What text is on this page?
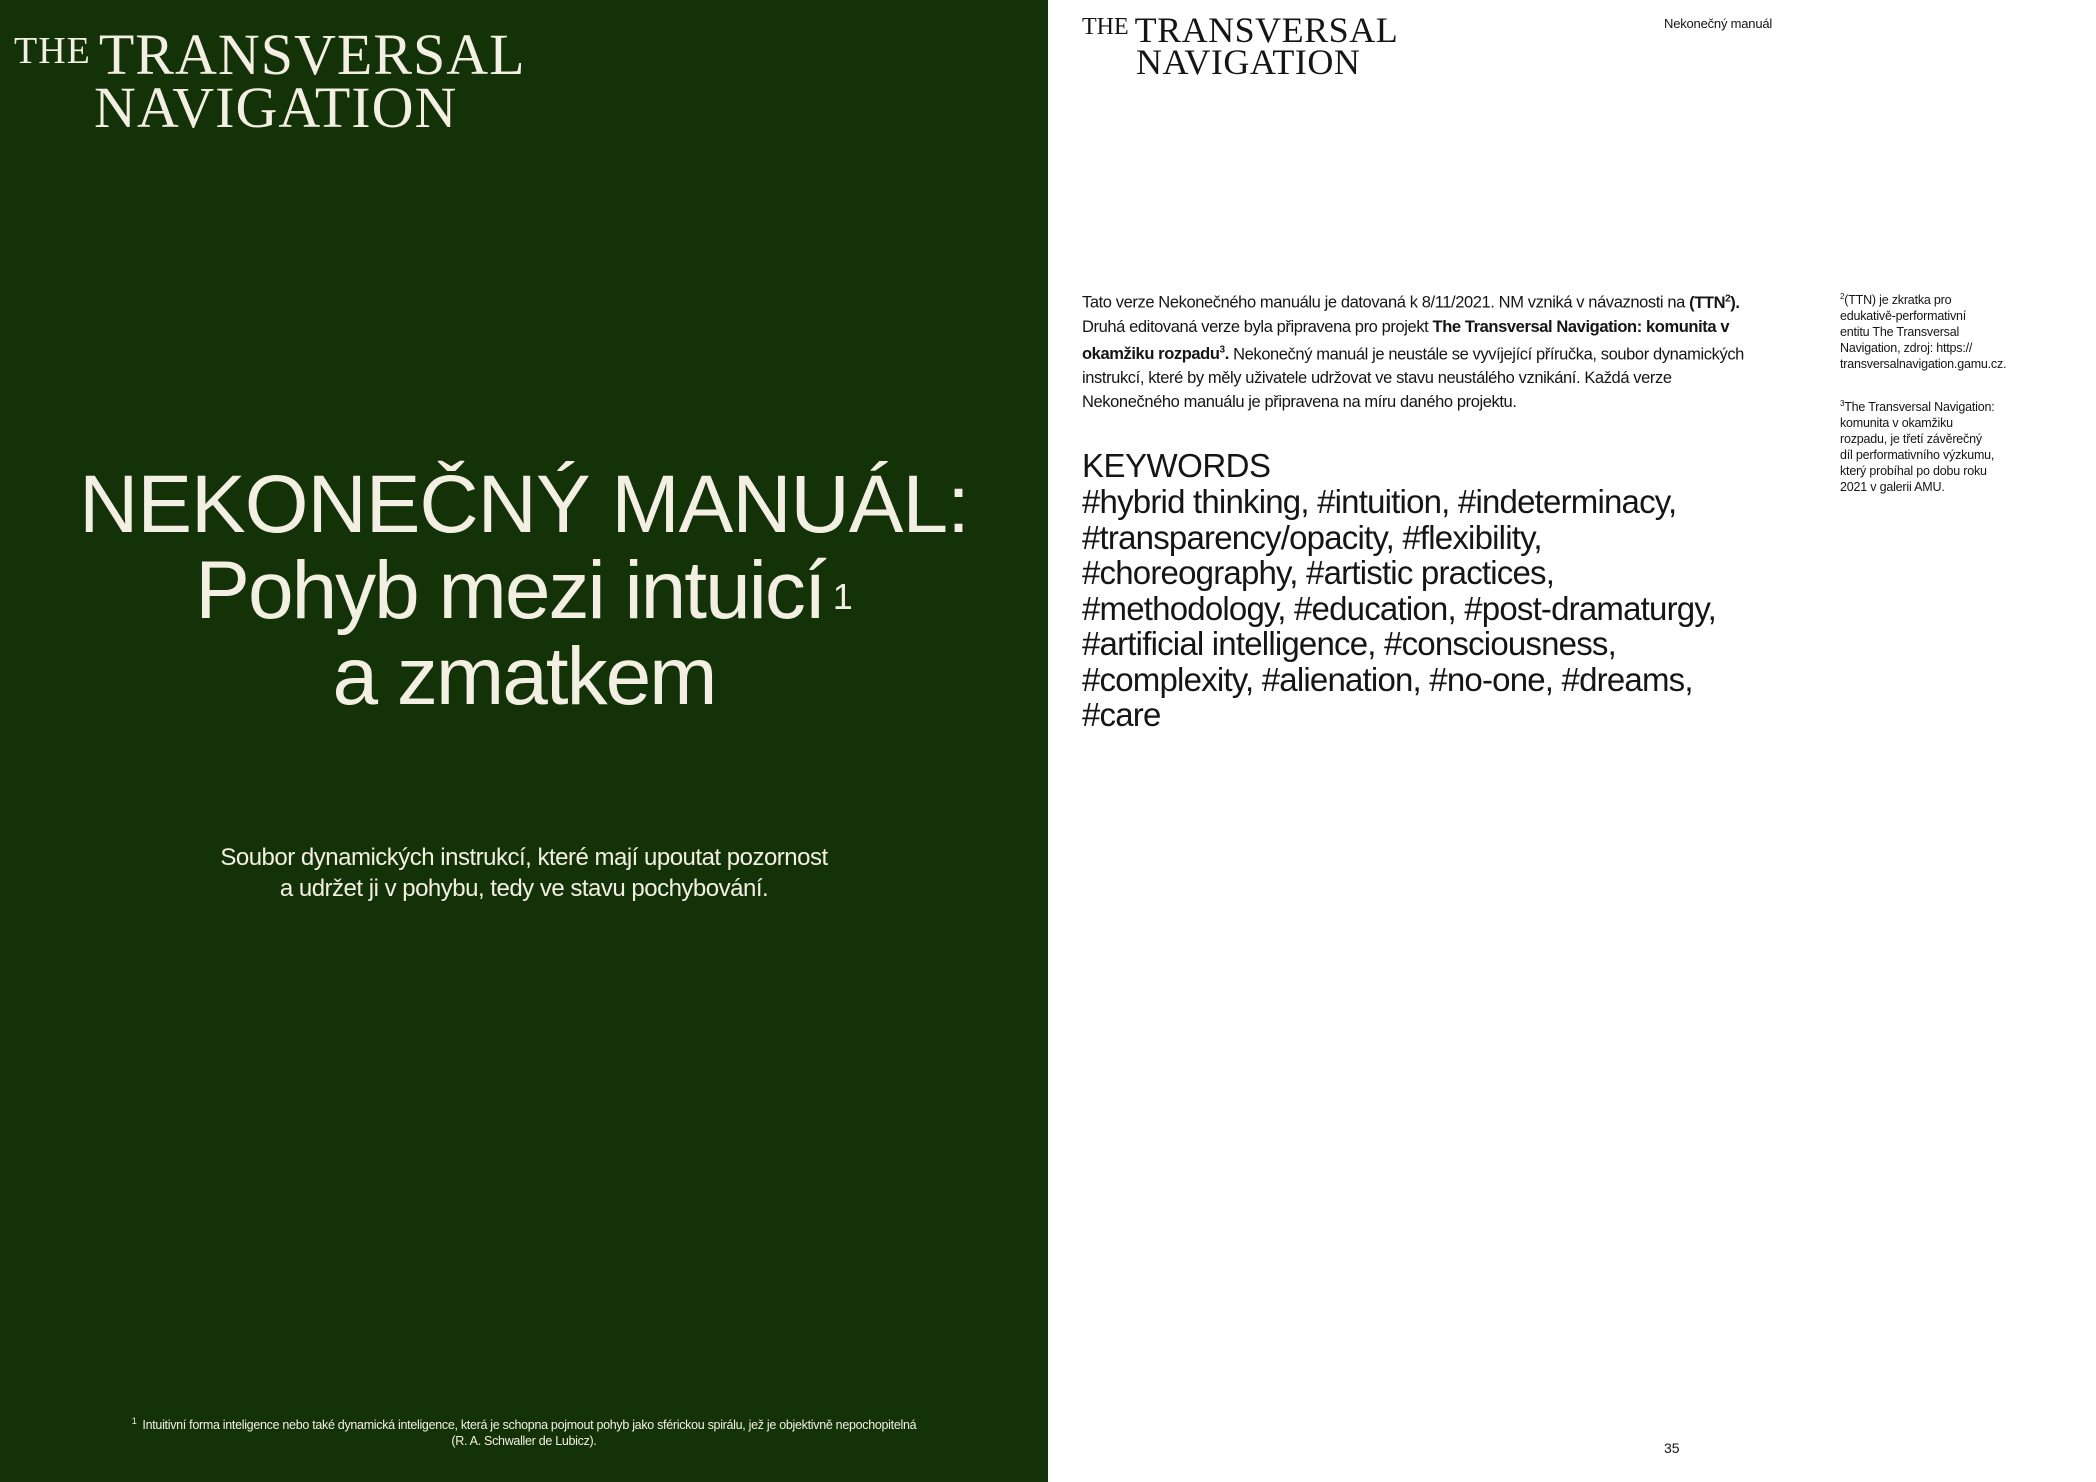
THE TRANSVERSAL
NAVIGATION
NEKONEČNÝ MANUÁL:
Pohyb mezi intuicí $^1$
a zmatkem
Soubor dynamických instrukcí, které mají upoutat pozornost
a udržet ji v pohybu, tedy ve stavu pochybování.
$^1$ Intuitivní forma inteligence nebo také dynamická inteligence, která je schopna pojmout pohyb jako sférickou spirálu, jež je objektivně nepochopitelná
(R. A. Schwaller de Lubicz).
THE TRANSVERSAL
NAVIGATION
Nekonečný manuál
Tato verze Nekonečného manuálu je datovaná k 8/11/2021. NM vzniká v návaznosti na (TTN$^2$). Druhá editovaná verze byla připravena pro projekt The Transversal Navigation: komunita v okamžiku rozpadu$^3$. Nekonečný manuál je neustále se vyvíjející příručka, soubor dynamických instrukcí, které by měly uživatele udržovat ve stavu neustálého vznikání. Každá verze Nekonečného manuálu je připravena na míru daného projektu.
KEYWORDS
#hybrid thinking, #intuition, #indeterminacy,
#transparency/opacity, #flexibility,
#choreography, #artistic practices,
#methodology, #education, #post-dramaturgy,
#artificial intelligence, #consciousness,
#complexity, #alienation, #no-one, #dreams,
#care
$^2$(TTN) je zkratka pro
edukativě-performativní
entitu The Transversal
Navigation, zdroj: https://
transversalnavigation.gamu.cz.
$^3$The Transversal Navigation:
komunita v okamžiku
rozpadu, je třetí závěrečný
díl performativního výzkumu,
který probíhal po dobu roku
2021 v galerii AMU.
35
